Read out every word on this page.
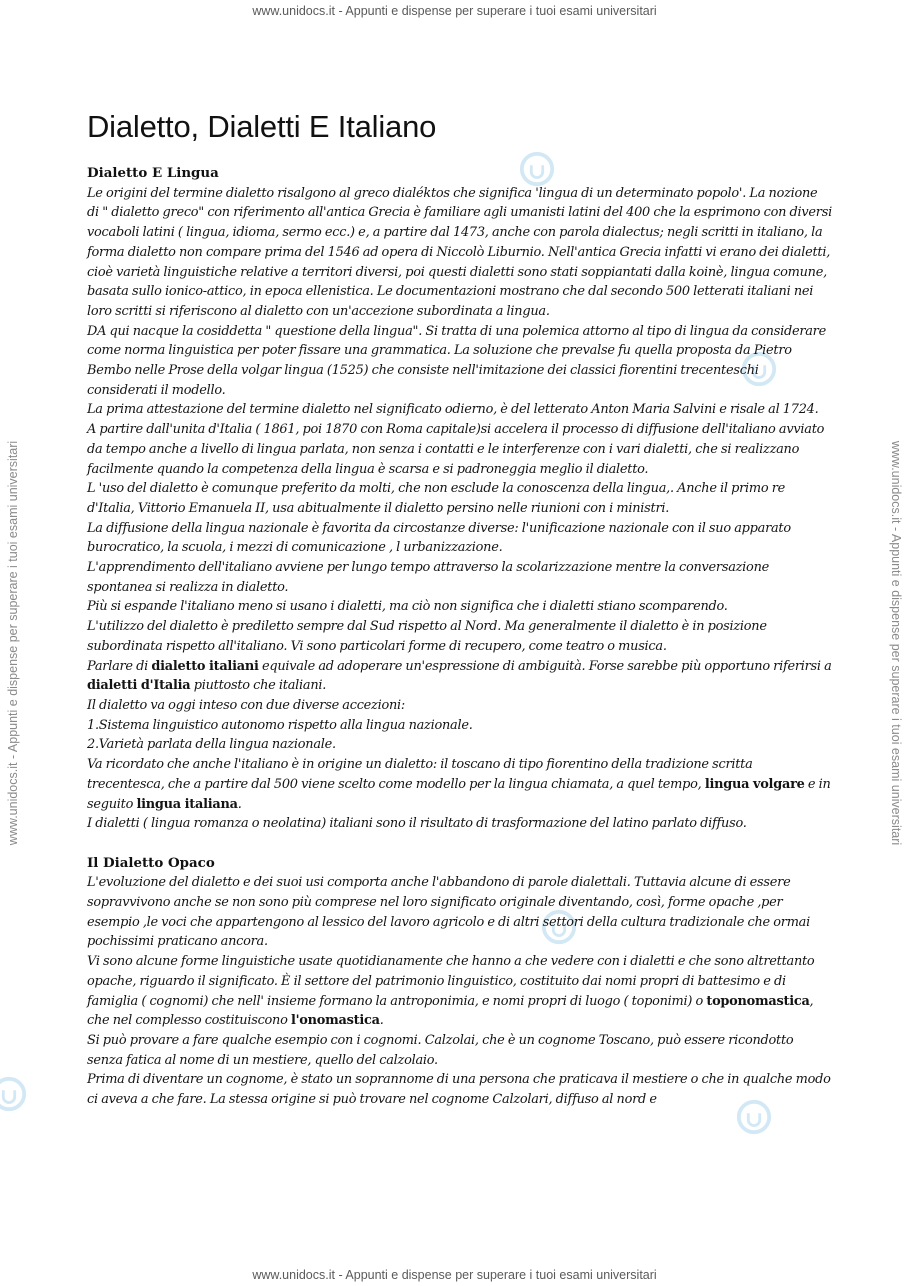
www.unidocs.it - Appunti e dispense per superare i tuoi esami universitari
www.unidocs.it - Appunti e dispense per superare i tuoi esami universitari	www.unidocs.it - Appunti e dispense per superare i tuoi esami universitari
Dialetto, Dialetti E Italiano
Dialetto E Lingua

Le origini del termine dialetto risalgono al greco dialéktos che significa 'lingua di un determinato popolo'. La nozione di " dialetto greco" con riferimento all'antica Grecia è familiare agli umanisti latini del 400 che la esprimono con diversi vocaboli latini ( lingua, idioma, sermo ecc.) e, a partire dal 1473, anche con parola dialectus; negli scritti in italiano, la forma dialetto non compare prima del 1546 ad opera di Niccolò Liburnio. Nell'antica Grecia infatti vi erano dei dialetti, cioè varietà linguistiche relative a territori diversi, poi questi dialetti sono stati soppiantati dalla koinè, lingua comune, basata sullo ionico-attico, in epoca ellenistica. Le documentazioni mostrano che dal secondo 500 letterati italiani nei loro scritti si riferiscono al dialetto con un'accezione subordinata a lingua.

DA qui nacque la cosiddetta " questione della lingua". Si tratta di una polemica attorno al tipo di lingua da considerare come norma linguistica per poter fissare una grammatica. La soluzione che prevalse fu quella proposta da Pietro Bembo nelle Prose della volgar lingua (1525) che consiste nell'imitazione dei classici fiorentini trecenteschi considerati il modello.

La prima attestazione del termine dialetto nel significato odierno, è del letterato Anton Maria Salvini e risale al 1724.

A partire dall'unita d'Italia ( 1861, poi 1870 con Roma capitale)si accelera il processo di diffusione dell'italiano avviato da tempo anche a livello di lingua parlata, non senza i contatti e le interferenze con i vari dialetti, che si realizzano facilmente quando la competenza della lingua è scarsa e si padroneggia meglio il dialetto.

L 'uso del dialetto è comunque preferito da molti, che non esclude la conoscenza della lingua,. Anche il primo re d'Italia, Vittorio Emanuela II, usa abitualmente il dialetto persino nelle riunioni con i ministri.

La diffusione della lingua nazionale è favorita da circostanze diverse: l'unificazione nazionale con il suo apparato burocratico, la scuola, i mezzi di comunicazione , l urbanizzazione.

L'apprendimento dell'italiano avviene per lungo tempo attraverso la scolarizzazione mentre la conversazione spontanea si realizza in dialetto.

Più si espande l'italiano meno si usano i dialetti, ma ciò non significa che i dialetti stiano scomparendo.

L'utilizzo del dialetto è prediletto sempre dal Sud rispetto al Nord. Ma generalmente il dialetto è in posizione subordinata rispetto all'italiano. Vi sono particolari forme di recupero, come teatro o musica.

Parlare di dialetto italiani equivale ad adoperare un'espressione di ambiguità. Forse sarebbe più opportuno riferirsi a dialetti d'Italia piuttosto che italiani.

Il dialetto va oggi inteso con due diverse accezioni:

1.Sistema linguistico autonomo rispetto alla lingua nazionale.

2.Varietà parlata della lingua nazionale.

Va ricordato che anche l'italiano è in origine un dialetto: il toscano di tipo fiorentino della tradizione scritta trecentesca, che a partire dal 500 viene scelto come modello per la lingua chiamata, a quel tempo, lingua volgare e in seguito lingua italiana.

I dialetti ( lingua romanza o neolatina) italiani sono il risultato di trasformazione del latino parlato diffuso.

Il Dialetto Opaco

L'evoluzione del dialetto e dei suoi usi comporta anche l'abbandono di parole dialettali. Tuttavia alcune di essere sopravvivono anche se non sono più comprese nel loro significato originale diventando, così, forme opache ,per esempio ,le voci che appartengono al lessico del lavoro agricolo e di altri settori della cultura tradizionale che ormai pochissimi praticano ancora.

Vi sono alcune forme linguistiche usate quotidianamente che hanno a che vedere con i dialetti e che sono altrettanto opache, riguardo il significato. È il settore del patrimonio linguistico, costituito dai nomi propri di battesimo e di famiglia ( cognomi) che nell' insieme formano la antroponimia, e nomi propri di luogo ( toponimi) o toponomastica, che nel complesso costituiscono l'onomastica.

Si può provare a fare qualche esempio con i cognomi. Calzolai, che è un cognome Toscano, può essere ricondotto senza fatica al nome di un mestiere, quello del calzolaio.

Prima di diventare un cognome, è stato un soprannome di una persona che praticava il mestiere o che in qualche modo ci aveva a che fare. La stessa origine si può trovare nel cognome Calzolari, diffuso al nord e

www.unidocs.it - Appunti e dispense per superare i tuoi esami universitari
